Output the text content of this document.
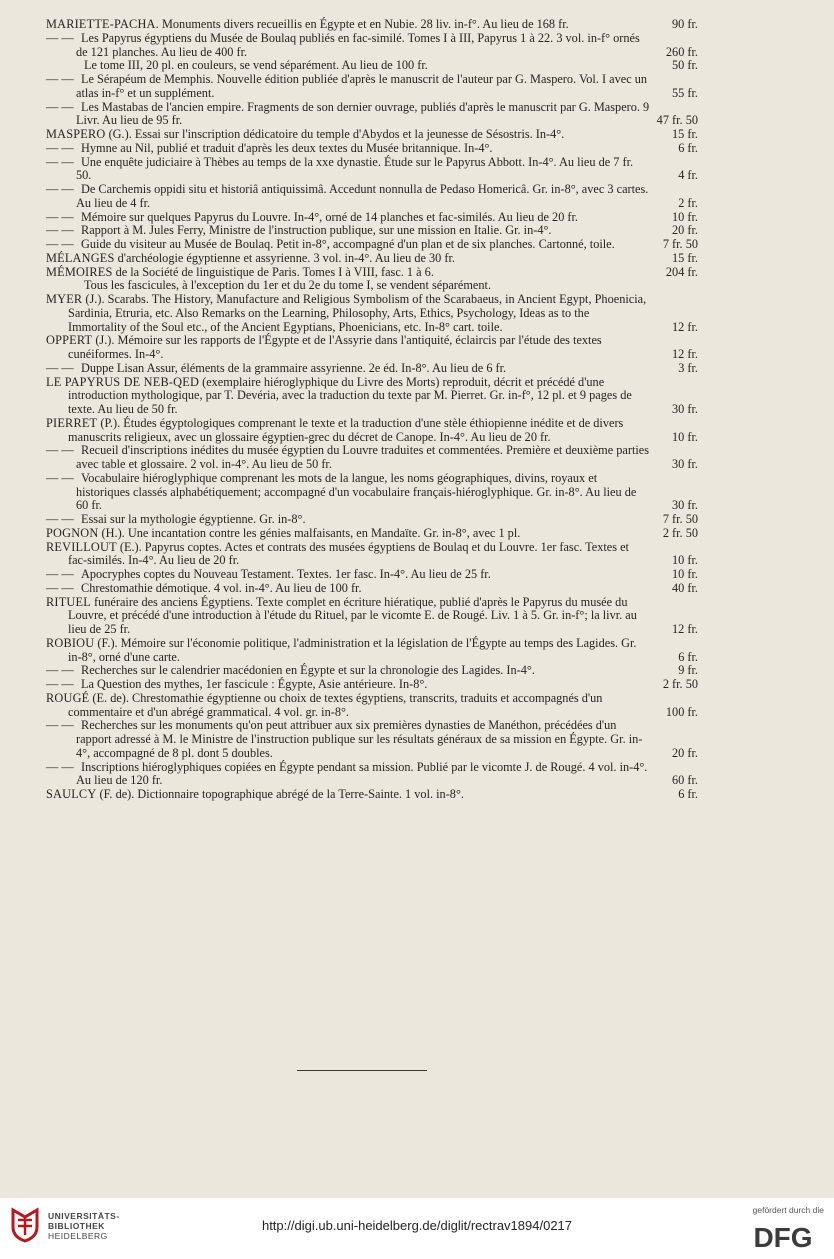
MARIETTE-PACHA. Monuments divers recueillis en Égypte et en Nubie. 28 liv. in-f°. Au lieu de 168 fr.	90 fr.
— — Les Papyrus égyptiens du Musée de Boulaq publiés en fac-similé. Tomes I à III, Papyrus 1 à 22. 3 vol. in-f° ornés de 121 planches. Au lieu de 400 fr.	260 fr.
Le tome III, 20 pl. en couleurs, se vend séparément. Au lieu de 100 fr.	50 fr.
— — Le Sérapéum de Memphis. Nouvelle édition publiée d'après le manuscrit de l'auteur par G. Maspero. Vol. I avec un atlas in-f° et un supplément.	55 fr.
— — Les Mastabas de l'ancien empire. Fragments de son dernier ouvrage, publiés d'après le manuscrit par G. Maspero. 9 Livr. Au lieu de 95 fr.	47 fr. 50
MASPERO (G.). Essai sur l'inscription dédicatoire du temple d'Abydos et la jeunesse de Sésostris. In-4°.	15 fr.
— — Hymne au Nil, publié et traduit d'après les deux textes du Musée britannique. In-4°.	6 fr.
— — Une enquête judiciaire à Thèbes au temps de la xxe dynastie. Étude sur le Papyrus Abbott. In-4°. Au lieu de 7 fr. 50.	4 fr.
— — De Carchemis oppidi situ et historiâ antiquissimâ. Accedunt nonnulla de Pedaso Homericâ. Gr. in-8°, avec 3 cartes. Au lieu de 4 fr.	2 fr.
— — Mémoire sur quelques Papyrus du Louvre. In-4°, orné de 14 planches et fac-similés. Au lieu de 20 fr.	10 fr.
— — Rapport à M. Jules Ferry, Ministre de l'instruction publique, sur une mission en Italie. Gr. in-4°.	20 fr.
— — Guide du visiteur au Musée de Boulaq. Petit in-8°, accompagné d'un plan et de six planches. Cartonné, toile.	7 fr. 50
MÉLANGES d'archéologie égyptienne et assyrienne. 3 vol. in-4°. Au lieu de 30 fr.	15 fr.
MÉMOIRES de la Société de linguistique de Paris. Tomes I à VIII, fasc. 1 à 6.	204 fr.
Tous les fascicules, à l'exception du 1er et du 2e du tome I, se vendent séparément.
MYER (J.). Scarabs. The History, Manufacture and Religious Symbolism of the Scarabaeus, in Ancient Egypt, Phoenicia, Sardinia, Etruria, etc. Also Remarks on the Learning, Philosophy, Arts, Ethics, Psychology, Ideas as to the Immortality of the Soul etc., of the Ancient Egyptians, Phoenicians, etc. In-8° cart. toile.	12 fr.
OPPERT (J.). Mémoire sur les rapports de l'Égypte et de l'Assyrie dans l'antiquité, éclaircis par l'étude des textes cunéiformes. In-4°.	12 fr.
— — Duppe Lisan Assur, éléments de la grammaire assyrienne. 2e éd. In-8°. Au lieu de 6 fr.	3 fr.
LE PAPYRUS DE NEB-QED (exemplaire hiéroglyphique du Livre des Morts) reproduit, décrit et précédé d'une introduction mythologique, par T. Devéria, avec la traduction du texte par M. Pierret. Gr. in-f°, 12 pl. et 9 pages de texte. Au lieu de 50 fr.	30 fr.
PIERRET (P.). Études égyptologiques comprenant le texte et la traduction d'une stèle éthiopienne inédite et de divers manuscrits religieux, avec un glossaire égyptien-grec du décret de Canope. In-4°. Au lieu de 20 fr.	10 fr.
— — Recueil d'inscriptions inédites du musée égyptien du Louvre traduites et commentées. Première et deuxième parties avec table et glossaire. 2 vol. in-4°. Au lieu de 50 fr.	30 fr.
— — Vocabulaire hiéroglyphique comprenant les mots de la langue, les noms géographiques, divins, royaux et historiques classés alphabétiquement; accompagné d'un vocabulaire français-hiéroglyphique. Gr. in-8°. Au lieu de 60 fr.	30 fr.
— — Essai sur la mythologie égyptienne. Gr. in-8°.	7 fr. 50
POGNON (H.). Une incantation contre les génies malfaisants, en Mandaïte. Gr. in-8°, avec 1 pl.	2 fr. 50
REVILLOUT (E.). Papyrus coptes. Actes et contrats des musées égyptiens de Boulaq et du Louvre. 1er fasc. Textes et fac-similés. In-4°. Au lieu de 20 fr.	10 fr.
— — Apocryphes coptes du Nouveau Testament. Textes. 1er fasc. In-4°. Au lieu de 25 fr.	10 fr.
— — Chrestomathie démotique. 4 vol. in-4°. Au lieu de 100 fr.	40 fr.
RITUEL funéraire des anciens Égyptiens. Texte complet en écriture hiératique, publié d'après le Papyrus du musée du Louvre, et précédé d'une introduction à l'étude du Rituel, par le vicomte E. de Rougé. Liv. 1 à 5. Gr. in-f°; la livr. au lieu de 25 fr.	12 fr.
ROBIOU (F.). Mémoire sur l'économie politique, l'administration et la législation de l'Égypte au temps des Lagides. Gr. in-8°, orné d'une carte.	6 fr.
— — Recherches sur le calendrier macédonien en Égypte et sur la chronologie des Lagides. In-4°.	9 fr.
— — La Question des mythes, 1er fascicule : Égypte, Asie antérieure. In-8°.	2 fr. 50
ROUGÉ (E. de). Chrestomathie égyptienne ou choix de textes égyptiens, transcrits, traduits et accompagnés d'un commentaire et d'un abrégé grammatical. 4 vol. gr. in-8°.	100 fr.
— — Recherches sur les monuments qu'on peut attribuer aux six premières dynasties de Manéthon, précédées d'un rapport adressé à M. le Ministre de l'instruction publique sur les résultats généraux de sa mission en Égypte. Gr. in-4°, accompagné de 8 pl. dont 5 doubles.	20 fr.
— — Inscriptions hiéroglyphiques copiées en Égypte pendant sa mission. Publié par le vicomte J. de Rougé. 4 vol. in-4°. Au lieu de 120 fr.	60 fr.
SAULCY (F. de). Dictionnaire topographique abrégé de la Terre-Sainte. 1 vol. in-8°.	6 fr.
UNIVERSITÄTS-
BIBLIOTHEK
HEIDELBERG
http://digi.ub.uni-heidelberg.de/diglit/rectrav1894/0217
gefördert durch die
DFG
